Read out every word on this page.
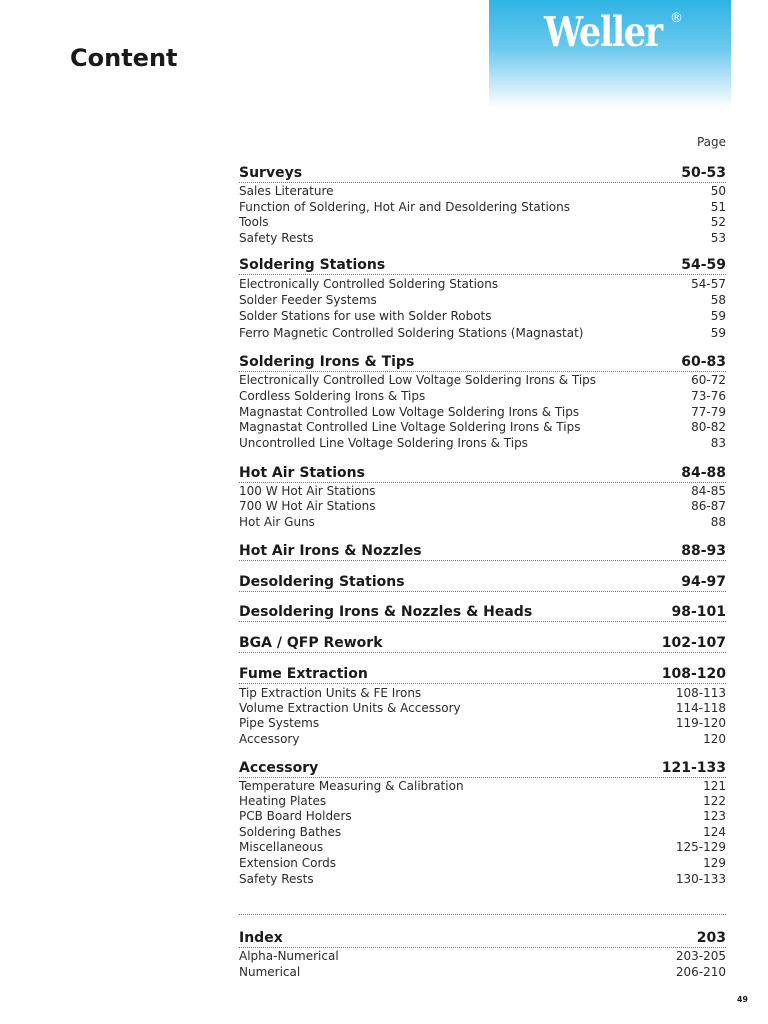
Weller ®
Content
Page
Surveys	50-53
Sales Literature	50
Function of Soldering, Hot Air and Desoldering Stations	51
Tools	52
Safety Rests	53
Soldering Stations	54-59
Electronically Controlled Soldering Stations	54-57
Solder Feeder Systems	58
Solder Stations for use with Solder Robots	59
Ferro Magnetic Controlled Soldering Stations (Magnastat)	59
Soldering Irons & Tips	60-83
Electronically Controlled Low Voltage Soldering Irons & Tips	60-72
Cordless Soldering Irons & Tips	73-76
Magnastat Controlled Low Voltage Soldering Irons & Tips	77-79
Magnastat Controlled Line Voltage Soldering Irons & Tips	80-82
Uncontrolled Line Voltage Soldering Irons & Tips	83
Hot Air Stations	84-88
100 W Hot Air Stations	84-85
700 W Hot Air Stations	86-87
Hot Air Guns	88
Hot Air Irons & Nozzles	88-93
Desoldering Stations	94-97
Desoldering Irons & Nozzles & Heads	98-101
BGA / QFP Rework	102-107
Fume Extraction	108-120
Tip Extraction Units & FE Irons	108-113
Volume Extraction Units & Accessory	114-118
Pipe Systems	119-120
Accessory	120
Accessory	121-133
Temperature Measuring & Calibration	121
Heating Plates	122
PCB Board Holders	123
Soldering Bathes	124
Miscellaneous	125-129
Extension Cords	129
Safety Rests	130-133
Index	203
Alpha-Numerical	203-205
Numerical	206-210
49
